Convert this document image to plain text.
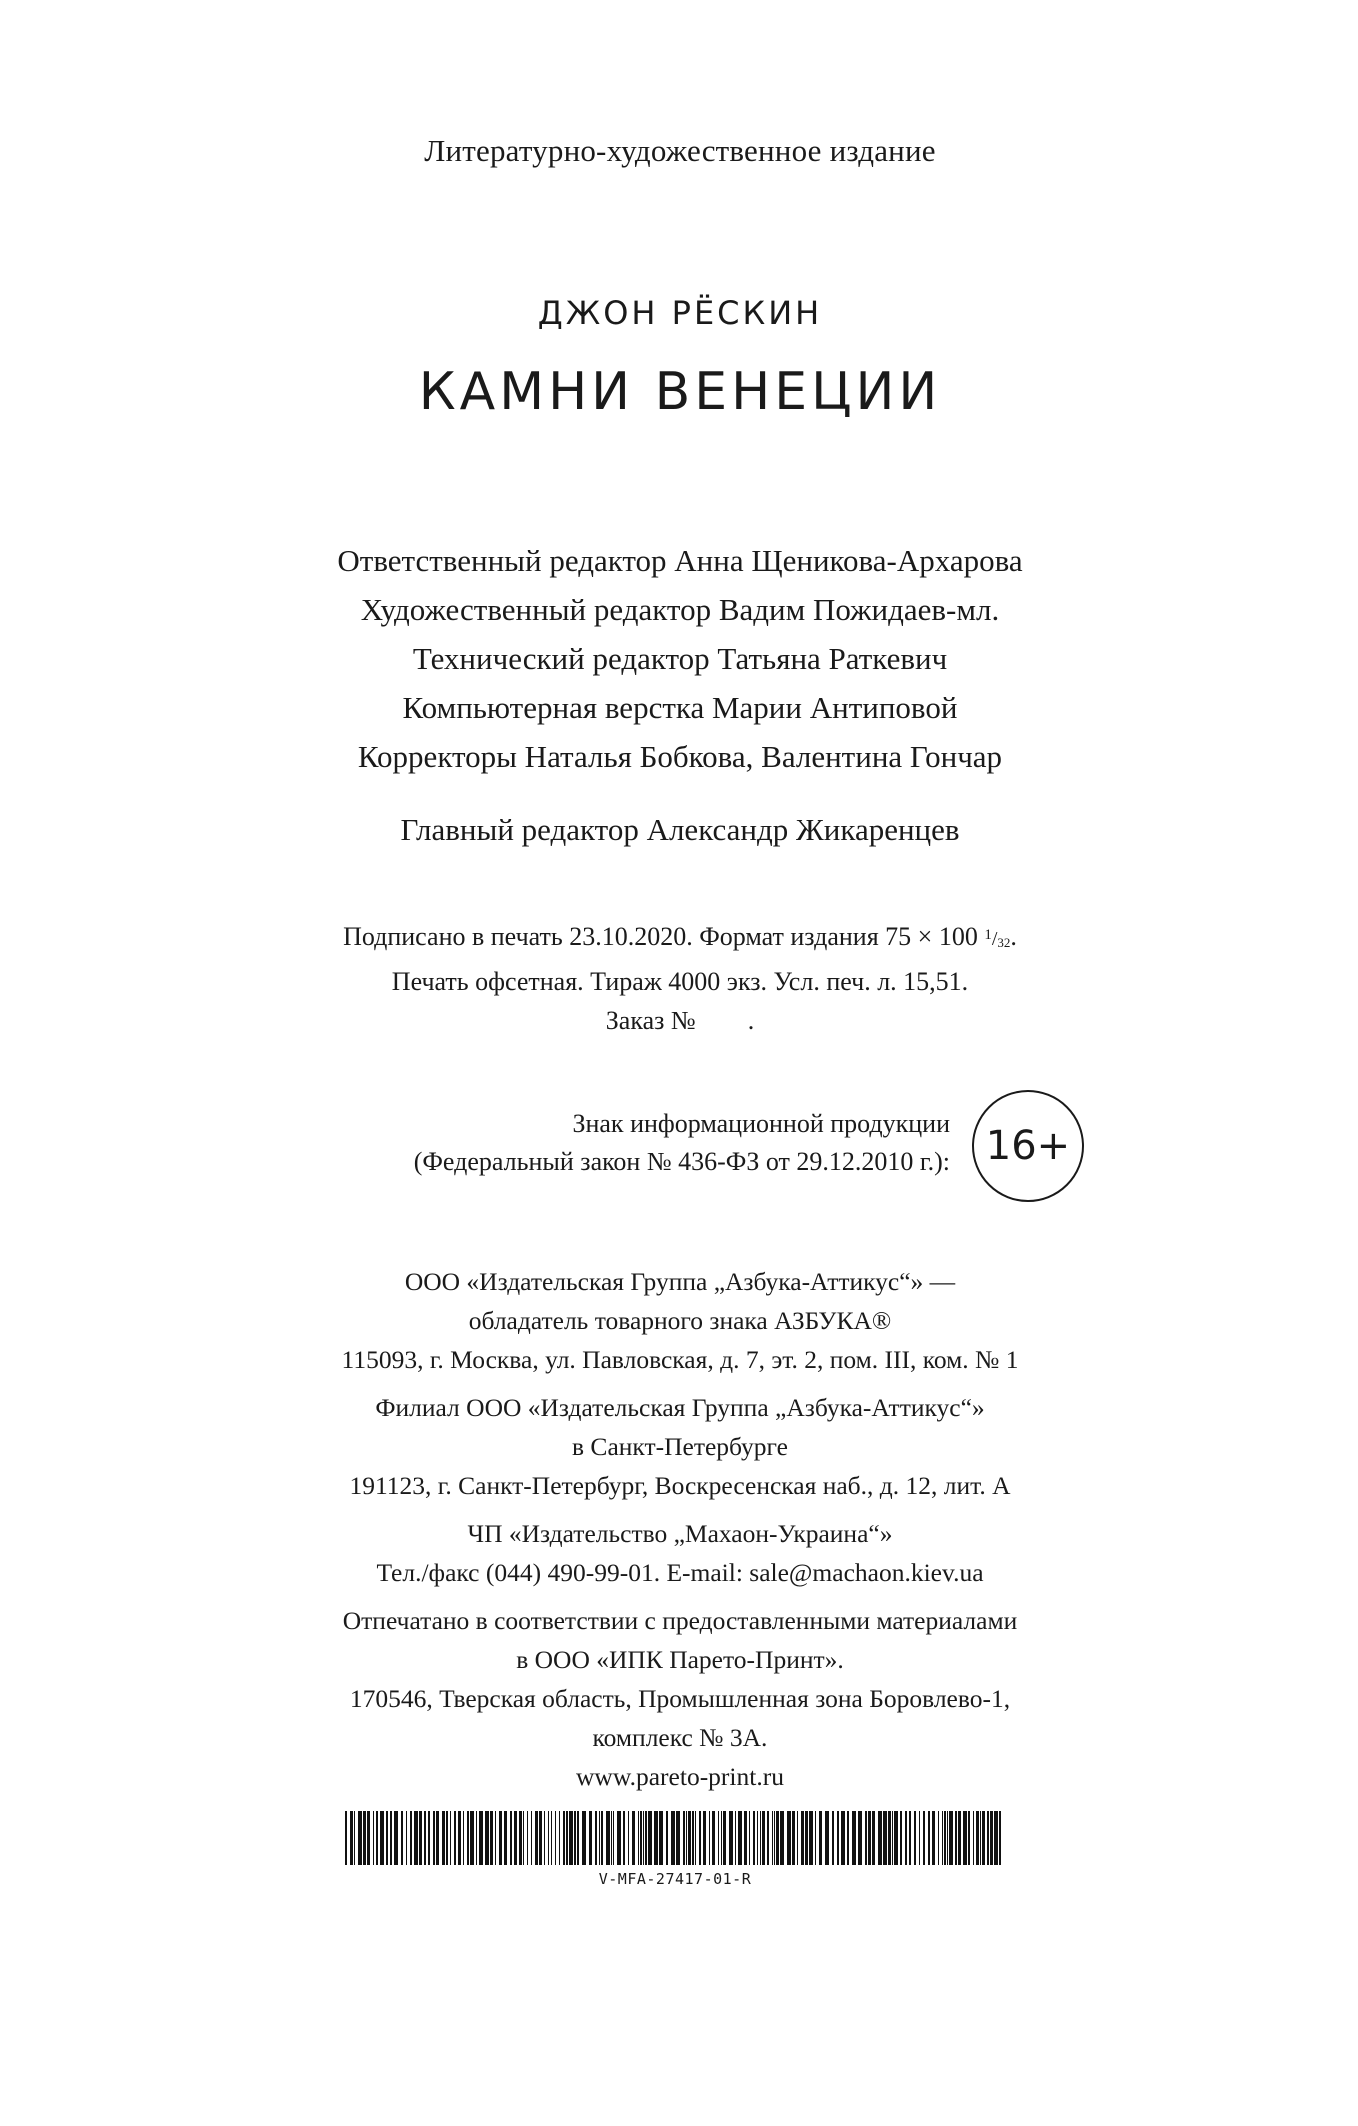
Литературно-художественное издание
ДЖОН РЁСКИН
КАМНИ ВЕНЕЦИИ
Ответственный редактор Анна Щеникова-Архарова
Художественный редактор Вадим Пожидаев-мл.
Технический редактор Татьяна Раткевич
Компьютерная верстка Марии Антиповой
Корректоры Наталья Бобкова, Валентина Гончар
Главный редактор Александр Жикаренцев
Подписано в печать 23.10.2020. Формат издания 75 × 100 $^1/_{32}$.
Печать офсетная. Тираж 4000 экз. Усл. печ. л. 15,51.
Заказ №        .
Знак информационной продукции
(Федеральный закон № 436-ФЗ от 29.12.2010 г.): 16+
ООО «Издательская Группа „Азбука-Аттикус“» —
обладатель товарного знака АЗБУКА®
115093, г. Москва, ул. Павловская, д. 7, эт. 2, пом. III, ком. № 1
Филиал ООО «Издательская Группа „Азбука-Аттикус“»
в Санкт-Петербурге
191123, г. Санкт-Петербург, Воскресенская наб., д. 12, лит. А
ЧП «Издательство „Махаон-Украина“»
Тел./факс (044) 490-99-01. E-mail: sale@machaon.kiev.ua
Отпечатано в соответствии с предоставленными материалами
в ООО «ИПК Парето-Принт».
170546, Тверская область, Промышленная зона Боровлево-1,
комплекс № 3А.
www.pareto-print.ru
V-MFA-27417-01-R
